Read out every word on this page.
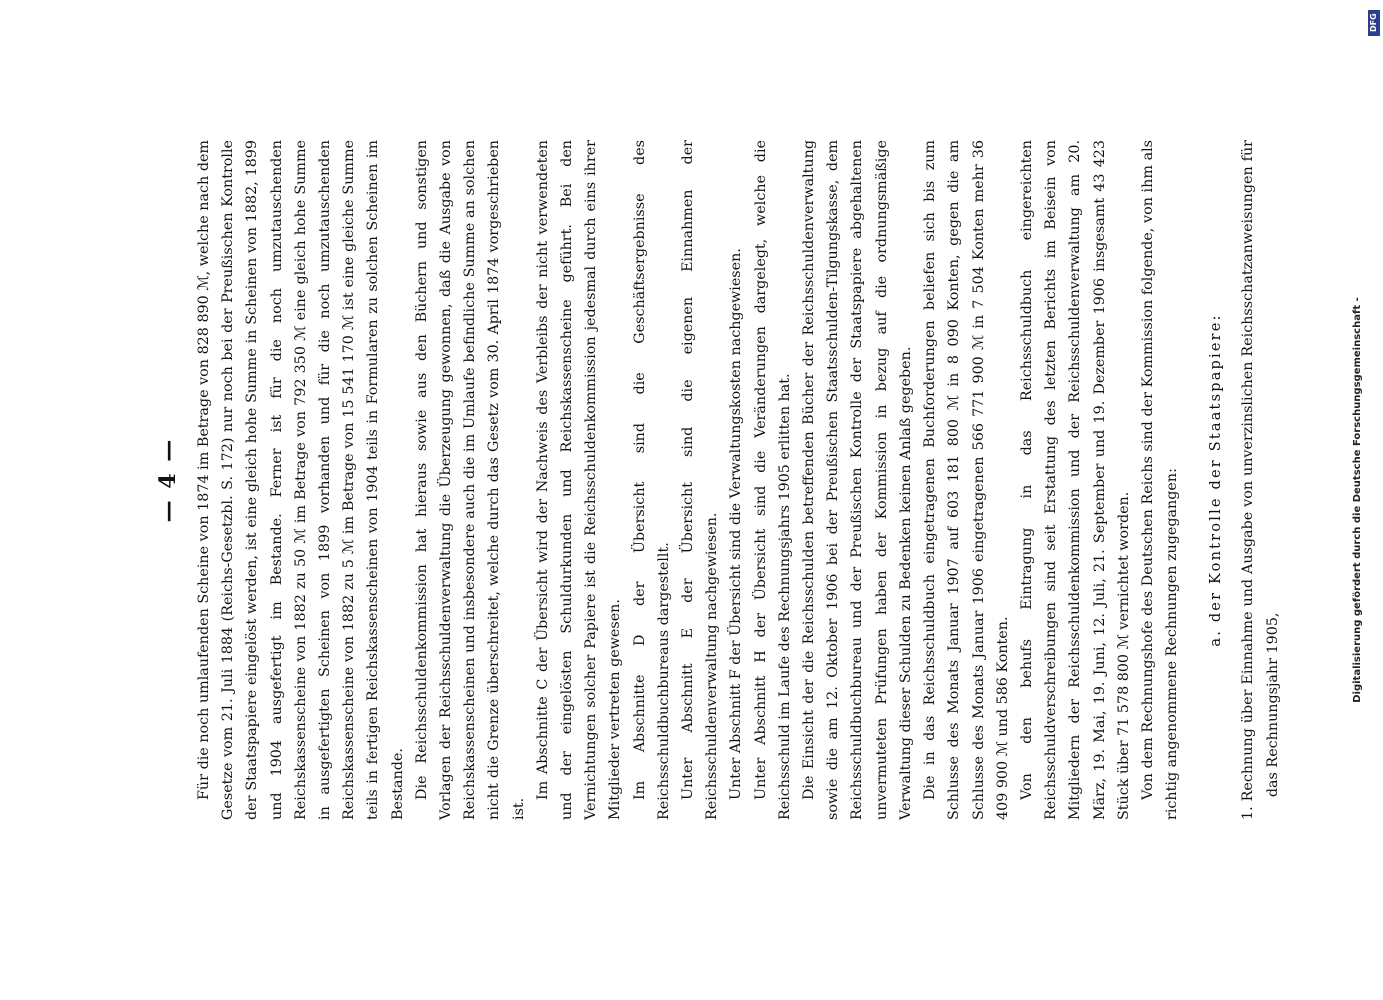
— 4 —	Für die noch umlaufenden Scheine von 1874 im Betrage von 828 890 ℳ, welche nach dem Gesetze vom 21. Juli 1884 (Reichs-Gesetzbl. S. 172) nur noch bei der Preußischen Kontrolle der Staatspapiere eingelöst werden, ist eine gleich hohe Summe in Scheinen von 1882, 1899 und 1904 ausgefertigt im Bestande. Ferner ist für die noch umzutauschenden Reichskassenscheine von 1882 zu 50 ℳ im Betrage von 792 350 ℳ eine gleich hohe Summe in ausgefertigten Scheinen von 1899 vorhanden und für die noch umzutauschenden Reichskassenscheine von 1882 zu 5 ℳ im Betrage von 15 541 170 ℳ ist eine gleiche Summe teils in fertigen Reichskassenscheinen von 1904 teils in Formularen zu solchen Scheinen im Bestande. Die Reichsschuldenkommission hat hieraus sowie aus den Büchern und sonstigen Vorlagen der Reichsschuldenverwaltung die Überzeugung gewonnen, daß die Ausgabe von Reichskassenscheinen und insbesondere auch die im Umlaufe befindliche Summe an solchen nicht die Grenze überschreitet, welche durch das Gesetz vom 30. April 1874 vorgeschrieben ist.

Im Abschnitte C der Übersicht wird der Nachweis des Verbleibs der nicht verwendeten und der eingelösten Schuldurkunden und Reichskassenscheine geführt. Bei den Vernichtungen solcher Papiere ist die Reichsschuldenkommission jedesmal durch eins ihrer Mitglieder vertreten gewesen. Im Abschnitte D der Übersicht sind die Geschäftsergebnisse des Reichsschuldbuchbureaus dargestellt. Unter Abschnitt E der Übersicht sind die eigenen Einnahmen der Reichsschuldenverwaltung nachgewiesen. Unter Abschnitt F der Übersicht sind die Verwaltungskosten nachgewiesen. Unter Abschnitt H der Übersicht sind die Veränderungen dargelegt, welche die Reichsschuld im Laufe des Rechnungsjahrs 1905 erlitten hat. Die Einsicht der die Reichsschulden betreffenden Bücher der Reichsschuldenverwaltung sowie die am 12. Oktober 1906 bei der Preußischen Staatsschulden-Tilgungskasse, dem Reichsschuldbuchbureau und der Preußischen Kontrolle der Staatspapiere abgehaltenen unvermuteten Prüfungen haben der Kommission in bezug auf die ordnungsmäßige Verwaltung dieser Schulden zu Bedenken keinen Anlaß gegeben. Die in das Reichsschuldbuch eingetragenen Buchforderungen beliefen sich bis zum Schlusse des Monats Januar 1907 auf 603 181 800 ℳ in 8 090 Konten, gegen die am Schlusse des Monats Januar 1906 eingetragenen 566 771 900 ℳ in 7 504 Konten mehr 36 409 900 ℳ und 586 Konten. Von den behufs Eintragung in das Reichsschuldbuch eingereichten Reichsschuldverschreibungen sind seit Erstattung des letzten Berichts im Beisein von Mitgliedern der Reichsschuldenkommission und der Reichsschuldenverwaltung am 20. März, 19. Mai, 19. Juni, 12. Juli, 21. September und 19. Dezember 1906 insgesamt 43 423 Stück über 71 578 800 ℳ vernichtet worden. Von dem Rechnungshofe des Deutschen Reichs sind der Kommission folgende, von ihm als richtig angenommene Rechnungen zugegangen: a. der Kontrolle der Staatspapiere: 1. Rechnung über Einnahme und Ausgabe von unverzinslichen Reichsschatzanweisungen für das Rechnungsjahr 1905,
Digitalisierung gefördert durch die Deutsche Forschungsgemeinschaft -
DFG
